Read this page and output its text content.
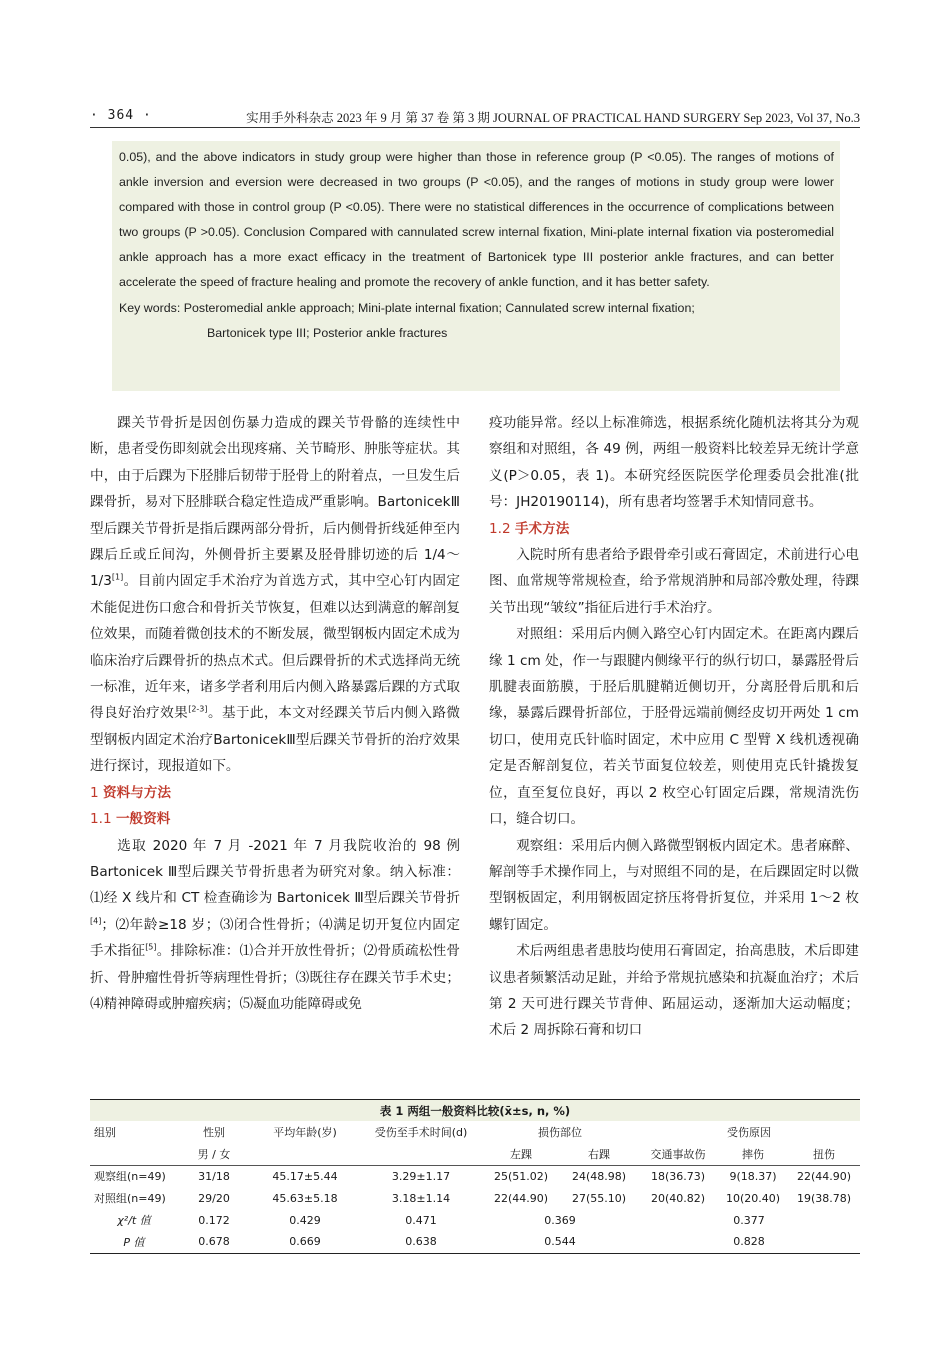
· 364 ·	实用手外科杂志 2023 年 9 月 第 37 卷 第 3 期 JOURNAL OF PRACTICAL HAND SURGERY Sep 2023, Vol 37, No.3
0.05), and the above indicators in study group were higher than those in reference group (P <0.05). The ranges of motions of ankle inversion and eversion were decreased in two groups (P <0.05), and the ranges of motions in study group were lower compared with those in control group (P <0.05). There were no statistical differences in the occurrence of complications between two groups (P >0.05). Conclusion Compared with cannulated screw internal fixation, Mini-plate internal fixation via posteromedial ankle approach has a more exact efficacy in the treatment of Bartonicek type III posterior ankle fractures, and can better accelerate the speed of fracture healing and promote the recovery of ankle function, and it has better safety.
Key words: Posteromedial ankle approach; Mini-plate internal fixation; Cannulated screw internal fixation;
Bartonicek type III; Posterior ankle fractures

踝关节骨折是因创伤暴力造成的踝关节骨骼的连续性中断，患者受伤即刻就会出现疼痛、关节畸形、肿胀等症状。其中，由于后踝为下胫腓后韧带于胫骨上的附着点，一旦发生后踝骨折，易对下胫腓联合稳定性造成严重影响。BartonicekⅢ型后踝关节骨折是指后踝两部分骨折，后内侧骨折线延伸至内踝后丘或丘间沟，外侧骨折主要累及胫骨腓切迹的后 1/4～1/3[1]。目前内固定手术治疗为首选方式，其中空心钉内固定术能促进伤口愈合和骨折关节恢复，但难以达到满意的解剖复位效果，而随着微创技术的不断发展，微型钢板内固定术成为临床治疗后踝骨折的热点术式。但后踝骨折的术式选择尚无统一标准，近年来，诸多学者利用后内侧入路暴露后踝的方式取得良好治疗效果[2-3]。基于此，本文对经踝关节后内侧入路微型钢板内固定术治疗BartonicekⅢ型后踝关节骨折的治疗效果进行探讨，现报道如下。

1 资料与方法
1.1 一般资料

选取 2020 年 7 月 -2021 年 7 月我院收治的 98 例 Bartonicek Ⅲ型后踝关节骨折患者为研究对象。纳入标准：⑴经 X 线片和 CT 检查确诊为 Bartonicek Ⅲ型后踝关节骨折[4]；⑵年龄≥18 岁；⑶闭合性骨折；⑷满足切开复位内固定手术指征[5]。排除标准：⑴合并开放性骨折；⑵骨质疏松性骨折、骨肿瘤性骨折等病理性骨折；⑶既往存在踝关节手术史；⑷精神障碍或肿瘤疾病；⑸凝血功能障碍或免

疫功能异常。经以上标准筛选，根据系统化随机法将其分为观察组和对照组，各 49 例，两组一般资料比较差异无统计学意义(P＞0.05，表 1)。本研究经医院医学伦理委员会批准(批号：JH20190114)，所有患者均签署手术知情同意书。

1.2 手术方法

入院时所有患者给予跟骨牵引或石膏固定，术前进行心电图、血常规等常规检查，给予常规消肿和局部冷敷处理，待踝关节出现“皱纹”指征后进行手术治疗。

对照组：采用后内侧入路空心钉内固定术。在距离内踝后缘 1 cm 处，作一与跟腱内侧缘平行的纵行切口，暴露胫骨后肌腱表面筋膜，于胫后肌腱鞘近侧切开，分离胫骨后肌和后缘，暴露后踝骨折部位，于胫骨远端前侧经皮切开两处 1 cm 切口，使用克氏针临时固定，术中应用 C 型臂 X 线机透视确定是否解剖复位，若关节面复位较差，则使用克氏针撬拨复位，直至复位良好，再以 2 枚空心钉固定后踝，常规清洗伤口，缝合切口。

观察组：采用后内侧入路微型钢板内固定术。患者麻醉、解剖等手术操作同上，与对照组不同的是，在后踝固定时以微型钢板固定，利用钢板固定挤压将骨折复位，并采用 1～2 枚螺钉固定。

术后两组患者患肢均使用石膏固定，抬高患肢，术后即建议患者频繁活动足趾，并给予常规抗感染和抗凝血治疗；术后第 2 天可进行踝关节背伸、跖屈运动，逐渐加大运动幅度；术后 2 周拆除石膏和切口

表 1 两组一般资料比较(x̄±s, n, %)
组别	性别	平均年龄(岁)	受伤至手术时间(d)	损伤部位		受伤原因		
	男 / 女			左踝	右踝	交通事故伤	摔伤	扭伤
观察组(n=49)	31/18	45.17±5.44	3.29±1.17	25(51.02)	24(48.98)	18(36.73)	9(18.37)	22(44.90)
对照组(n=49)	29/20	45.63±5.18	3.18±1.14	22(44.90)	27(55.10)	20(40.82)	10(20.40)	19(38.78)
χ²/t 值	0.172	0.429	0.471	0.369		0.377		
P 值	0.678	0.669	0.638	0.544		0.828		
